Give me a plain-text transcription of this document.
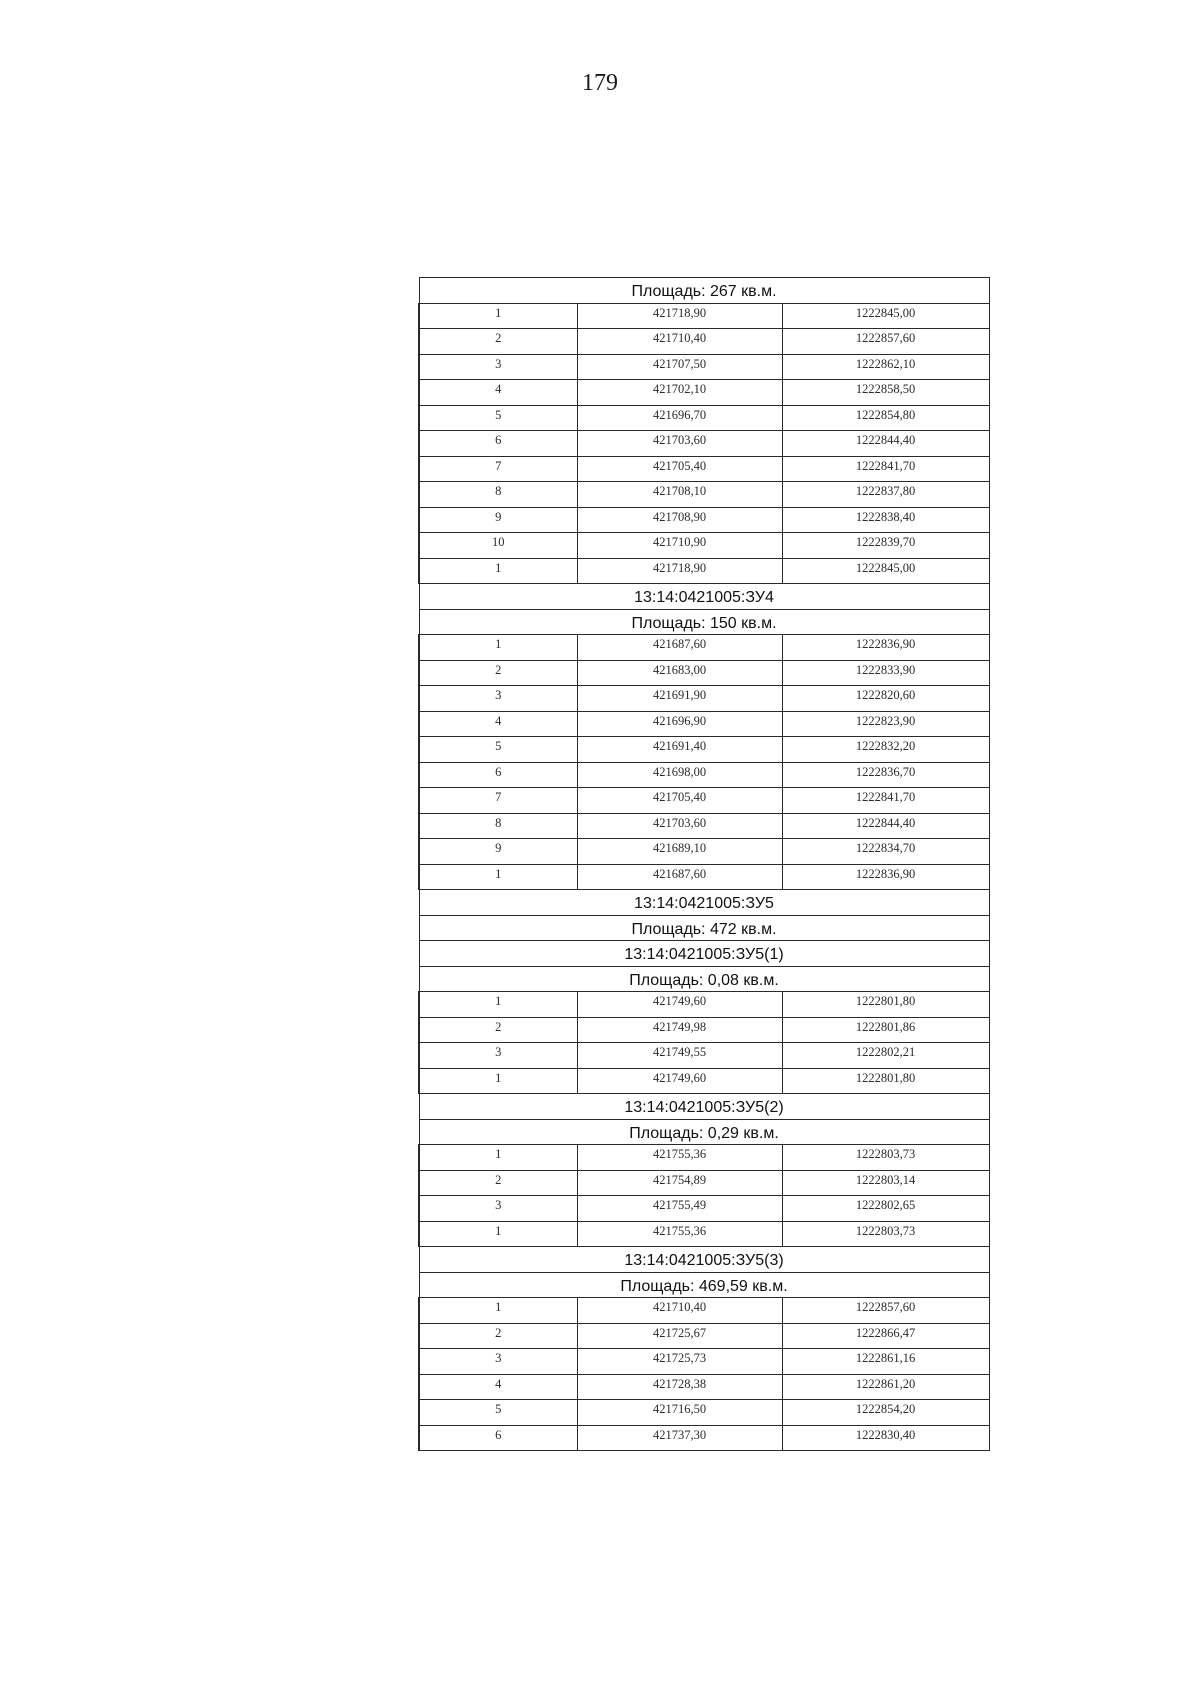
179
Площадь: 267 кв.м.		
1	421718,90	1222845,00
2	421710,40	1222857,60
3	421707,50	1222862,10
4	421702,10	1222858,50
5	421696,70	1222854,80
6	421703,60	1222844,40
7	421705,40	1222841,70
8	421708,10	1222837,80
9	421708,90	1222838,40
10	421710,90	1222839,70
1	421718,90	1222845,00
13:14:0421005:ЗУ4		
Площадь: 150 кв.м.		
1	421687,60	1222836,90
2	421683,00	1222833,90
3	421691,90	1222820,60
4	421696,90	1222823,90
5	421691,40	1222832,20
6	421698,00	1222836,70
7	421705,40	1222841,70
8	421703,60	1222844,40
9	421689,10	1222834,70
1	421687,60	1222836,90
13:14:0421005:ЗУ5		
Площадь: 472 кв.м.		
13:14:0421005:ЗУ5(1)		
Площадь: 0,08 кв.м.		
1	421749,60	1222801,80
2	421749,98	1222801,86
3	421749,55	1222802,21
1	421749,60	1222801,80
13:14:0421005:ЗУ5(2)		
Площадь: 0,29 кв.м.		
1	421755,36	1222803,73
2	421754,89	1222803,14
3	421755,49	1222802,65
1	421755,36	1222803,73
13:14:0421005:ЗУ5(3)		
Площадь: 469,59 кв.м.		
1	421710,40	1222857,60
2	421725,67	1222866,47
3	421725,73	1222861,16
4	421728,38	1222861,20
5	421716,50	1222854,20
6	421737,30	1222830,40
